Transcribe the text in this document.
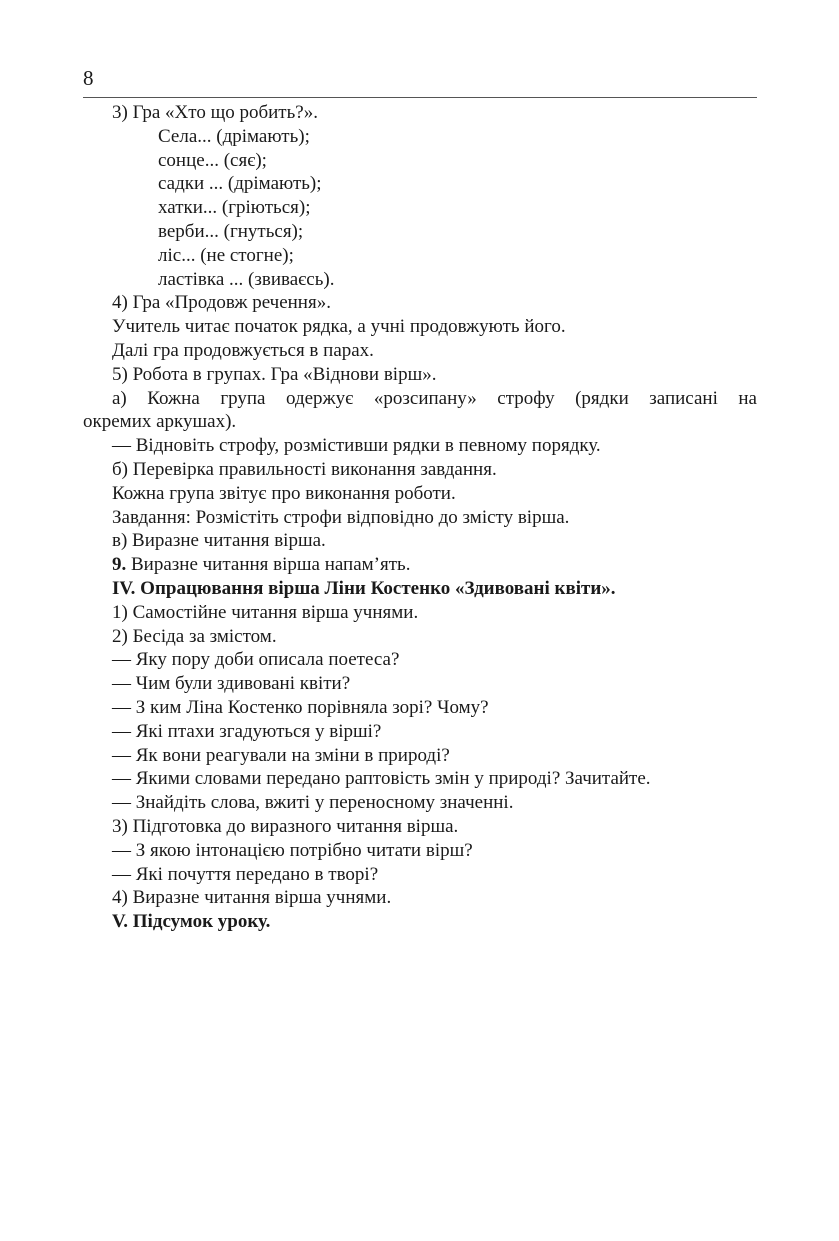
8

3) Гра «Хто що робить?».

Села... (дрімають);

сонце... (сяє);

садки ... (дрімають);

хатки... (гріються);

верби... (гнуться);

ліс... (не стогне);

ластівка ... (звиваєсь).

4) Гра «Продовж речення».

Учитель читає початок рядка, а учні продовжують його.

Далі гра продовжується в парах.

5) Робота в групах. Гра «Віднови вірш».

а) Кожна група одержує «розсипану» строфу (рядки записані на

окремих аркушах).

— Відновіть строфу, розмістивши рядки в певному порядку.

б) Перевірка правильності виконання завдання.

Кожна група звітує про виконання роботи.

Завдання: Розмістіть строфи відповідно до змісту вірша.

в) Виразне читання вірша.

9. Виразне читання вірша напам’ять.

IV. Опрацювання вірша Ліни Костенко «Здивовані квіти».

1) Самостійне читання вірша учнями.

2) Бесіда за змістом.

— Яку пору доби описала поетеса?

— Чим були здивовані квіти?

— З ким Ліна Костенко порівняла зорі? Чому?

— Які птахи згадуються у вірші?

— Як вони реагували на зміни в природі?

— Якими словами передано раптовість змін у природі? Зачитайте.

— Знайдіть слова, вжиті у переносному значенні.

3) Підготовка до виразного читання вірша.

— З якою інтонацією потрібно читати вірш?

— Які почуття передано в творі?

4) Виразне читання вірша учнями.

V. Підсумок уроку.
